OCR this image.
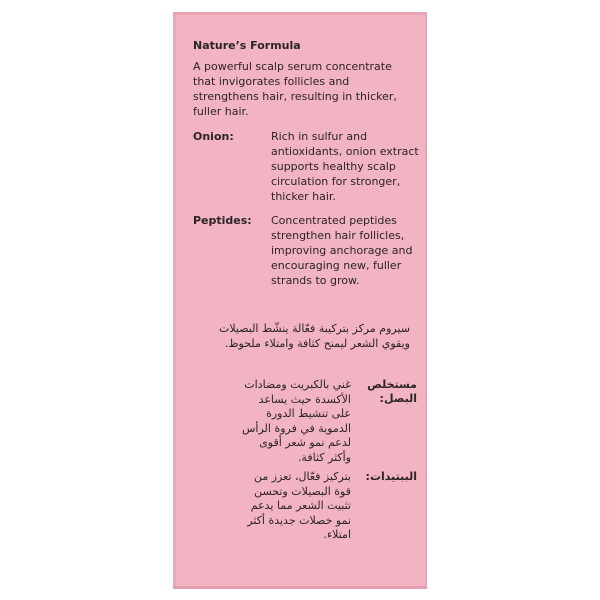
Nature’s Formula

A powerful scalp serum concentrate that invigorates follicles and strengthens hair, resulting in thicker, fuller hair.

Onion:	Rich in sulfur and antioxidants, onion extract supports healthy scalp circulation for stronger, thicker hair.
Peptides: Concentrated peptides strengthen hair follicles, improving anchorage and encouraging new, fuller strands to grow.
سيروم مركز بتركيبة فعّالة ينشّط البصيلات ويقوي الشعر ليمنح كثافة وامتلاء ملحوظ.
مستخلص البصل:
غني بالكبريت ومضادات الأكسدة حيث يساعد على تنشيط الدورة الدموية في فروة الرأس لدعم نمو شعر أقوى وأكثر كثافة.
الببتيدات:
بتركيز فعّال، تعزز من قوة البصيلات وتحسن تثبيت الشعر مما يدعم نمو خصلات جديدة أكثر امتلاء.
